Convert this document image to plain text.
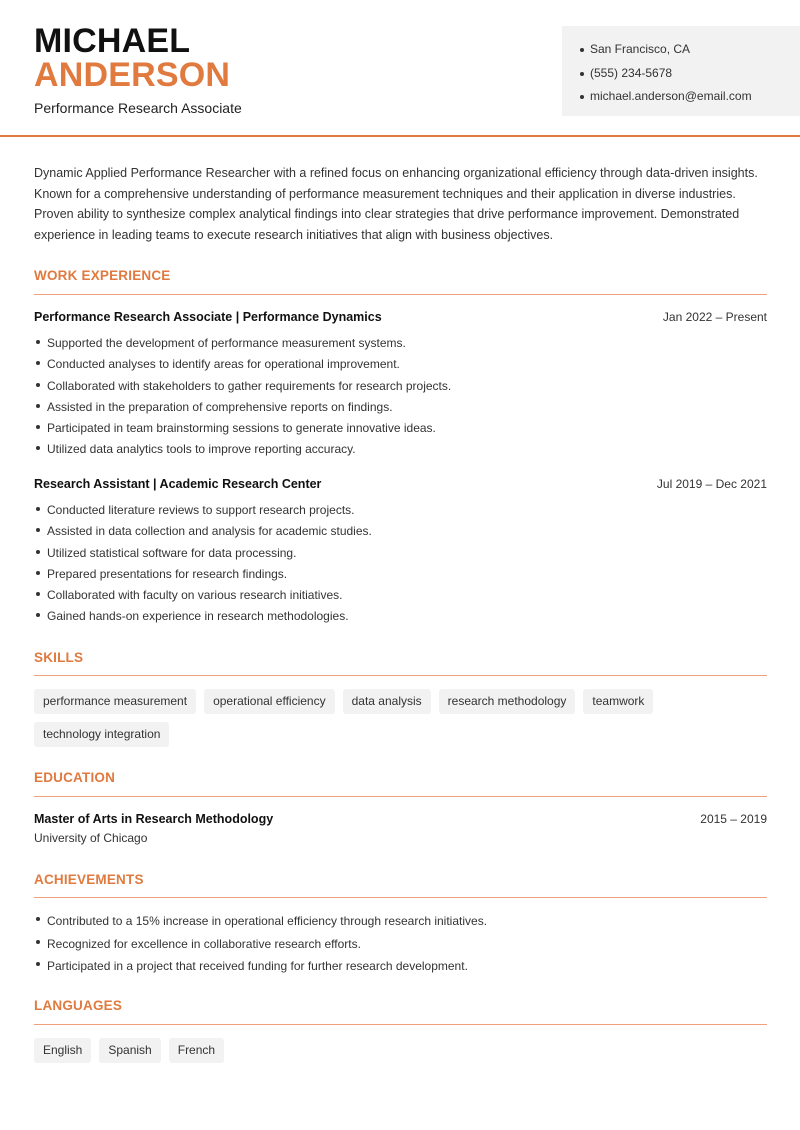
MICHAEL
ANDERSON
Performance Research Associate
San Francisco, CA
(555) 234-5678
michael.anderson@email.com
Dynamic Applied Performance Researcher with a refined focus on enhancing organizational efficiency through data-driven insights. Known for a comprehensive understanding of performance measurement techniques and their application in diverse industries. Proven ability to synthesize complex analytical findings into clear strategies that drive performance improvement. Demonstrated experience in leading teams to execute research initiatives that align with business objectives.
WORK EXPERIENCE
Performance Research Associate | Performance Dynamics	Jan 2022 – Present
Supported the development of performance measurement systems.
Conducted analyses to identify areas for operational improvement.
Collaborated with stakeholders to gather requirements for research projects.
Assisted in the preparation of comprehensive reports on findings.
Participated in team brainstorming sessions to generate innovative ideas.
Utilized data analytics tools to improve reporting accuracy.
Research Assistant | Academic Research Center	Jul 2019 – Dec 2021
Conducted literature reviews to support research projects.
Assisted in data collection and analysis for academic studies.
Utilized statistical software for data processing.
Prepared presentations for research findings.
Collaborated with faculty on various research initiatives.
Gained hands-on experience in research methodologies.
SKILLS
performance measurement	operational efficiency	data analysis	research methodology	teamwork
technology integration
EDUCATION
Master of Arts in Research Methodology	2015 – 2019
University of Chicago
ACHIEVEMENTS
Contributed to a 15% increase in operational efficiency through research initiatives.
Recognized for excellence in collaborative research efforts.
Participated in a project that received funding for further research development.
LANGUAGES
English	Spanish	French
